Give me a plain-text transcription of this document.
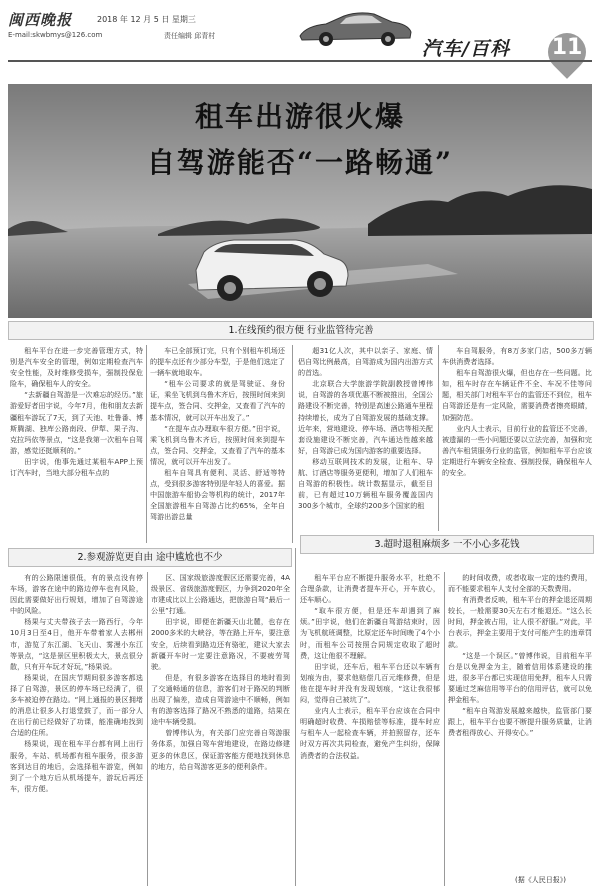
闽西晚报	2018 年 12 月 5 日 星期三
E-mail:skwbmys@126.com	责任编辑 邱青村
汽车/百科 11
租车出游很火爆
自驾游能否“一路畅通”
1.在线预约很方便 行业监管待完善

租车平台在进一步完善管理方式，特别是汽车安全的管理，例如定期检查汽车安全性能，及时维修受损车，强制投保危险车，确保租车人的安全。

“去新疆自驾游是一次难忘的经历。”旅游爱好者田宇说，今年7月，他和朋友去新疆租车游玩了7天，到了天池、吐鲁番、博斯腾湖、独库公路南段、伊犁、果子沟、克拉玛依等景点，“这是我第一次租车自驾游，感觉还挺顺利的。”

田宇说，他事先通过某租车APP上预订汽车时，当地大部分租车点的

车已全部预订完，只有个别租车机场还的提车点还有少部分车型，于是他们选定了一辆车就地取车。

“租车公司要求的就是驾驶证、身份证，乘坐飞机到乌鲁木齐后，按照时间来到提车点，签合同、交押金，又查看了汽车的基本情况，就可以开车出发了。”

“在提车点办理取车很方便。”田宇说，乘飞机到乌鲁木齐后，按照时间来到提车点，签合同、交押金，又查看了汽车的基本情况，就可以开车出发了。

租车自驾具有便利、灵活、舒适等特点，受到很多游客特别是年轻人的喜爱。据中国旅游车船协会等机构的统计，2017年全国旅游租车自驾游占比约65%，全年自驾游出游总量

超31亿人次，其中以亲子、家庭、情侣自驾比例最高，自驾游成为国内出游方式的首选。

北京联合大学旅游学院副教授曾博伟说，自驾游的各项优惠不断被推出，全国公路建设不断完善，特别是高速公路通车里程持续增长，成为了自驾游发展的基础支撑。近年来，营地建设、停车场、酒店等相关配套设施建设不断完善，汽车通达性越来越好，自驾游已成为国内游客的重要选择。

移动互联网技术的发展，让租车、导航、订酒店等服务更便利，增加了人们租车自驾游的积极性。统计数据显示，截至目前，已有超过10万辆租车服务覆盖国内300多个城市，全球约200多个国家的租

车自驾服务，有8万多家门店，500多万辆车供消费者选择。

租车自驾游很火爆，但也存在一些问题。比如，租车时存在车辆证件不全、车况不佳等问题，相关部门对租车平台的监管还不到位，租车自驾游还是有一定风险，需要消费者擦亮眼睛，加强防范。

业内人士表示，目前行业的监管还不完善，被遗漏的一些小问题还要以立法完善，加强和完善汽车租赁服务行业的监管，例如租车平台应该定期进行车辆安全检查、强制投保，确保租车人的安全。

2.参观游览更自由 途中尴尬也不少
3.超时退租麻烦多 一不小心多花钱

有的公路限速很低，有的景点没有停车场，游客在途中的路边停车也有风险，因此需要做好出行规划，增加了自驾游途中的风险。

杨果与丈夫带孩子去一路西行，今年10月3日至4日，他开车带着家人去郴州市，游览了东江湖、飞天山、雾漫小东江等景点，“这是景区里积极太大，景点很分散，只有开车玩才好玩，”杨果说。

杨果说，在国庆节期间很多游客都选择了自驾游，景区的停车场已经满了，很多车被迫停在路边。“网上通报的景区拥堵的消息让很多人打退堂鼓了，而一部分人在出行前已经做好了功课，能准确地找到合适的住所。

杨果说，现在租车平台都有网上出行服务，车站、机场都有租车服务，很多游客到达目的地后，会选择租车游览，例如到了一个地方后从机场提车，游玩后再还车，很方便。

区、国家级旅游度假区还需要完善，4A级景区、省级旅游度假区，力争到2020年全市建成比以上公路通达，把旅游自驾“最后一公里”打通。

田宇说，即便在新疆天山北麓，也存在2000多米的大峡谷，等在路上开车，要注意安全，后续看到路边还有骆驼，建议大家去新疆开车时一定要注意路况，不要疲劳驾驶。

但是，有很多游客在选择目的地时看到了交通畅通的信息，游客们对于路况的判断出现了偏差，造成自驾游途中不顺畅，例如有的游客选择了路况不熟悉的道路，结果在途中车辆受损。

曾博伟认为，有关部门应完善自驾游服务体系，加强自驾车营地建设，在路边修建更多的休息区，保证游客能方便地找到休息的地方，给自驾游客更多的便利条件。

租车平台应不断提升服务水平，杜绝不合理条款，让消费者提车开心，开车放心，还车顺心。

“取车很方便，但是还车却遇到了麻烦。”田宇说，他们在新疆自驾游结束时，因为飞机航班调整，比原定还车时间晚了4个小时，而租车公司按照合同规定收取了超时费，这让他很不理解。

田宇说，还车后，租车平台还以车辆有划痕为由，要求他赔偿几百元维修费，但是他在提车时并没有发现划痕，“这让我很郁闷，觉得自己被坑了”。

业内人士表示，租车平台应该在合同中明确超时收费、车损赔偿等标准，提车时应与租车人一起检查车辆，并拍照留存，还车时双方再次共同检查，避免产生纠纷，保障消费者的合法权益。

的时间收费，或者收取一定的违约费用，而不能要求租车人支付全部的天数费用。

有消费者反映，租车平台的押金退还周期较长，一般需要30天左右才能退还。“这么长时间，押金被占用，让人很不舒服。”对此，平台表示，押金主要用于支付可能产生的违章罚款。

“这是一个误区。”曾博伟说，目前租车平台是以免押金为主，随着信用体系建设的推进，很多平台都已实现信用免押，租车人只需要通过芝麻信用等平台的信用评估，就可以免押金租车。

“租车自驾游发展越来越快，监管部门要跟上，租车平台也要不断提升服务质量，让消费者租得放心、开得安心。”

(据《人民日报》)
